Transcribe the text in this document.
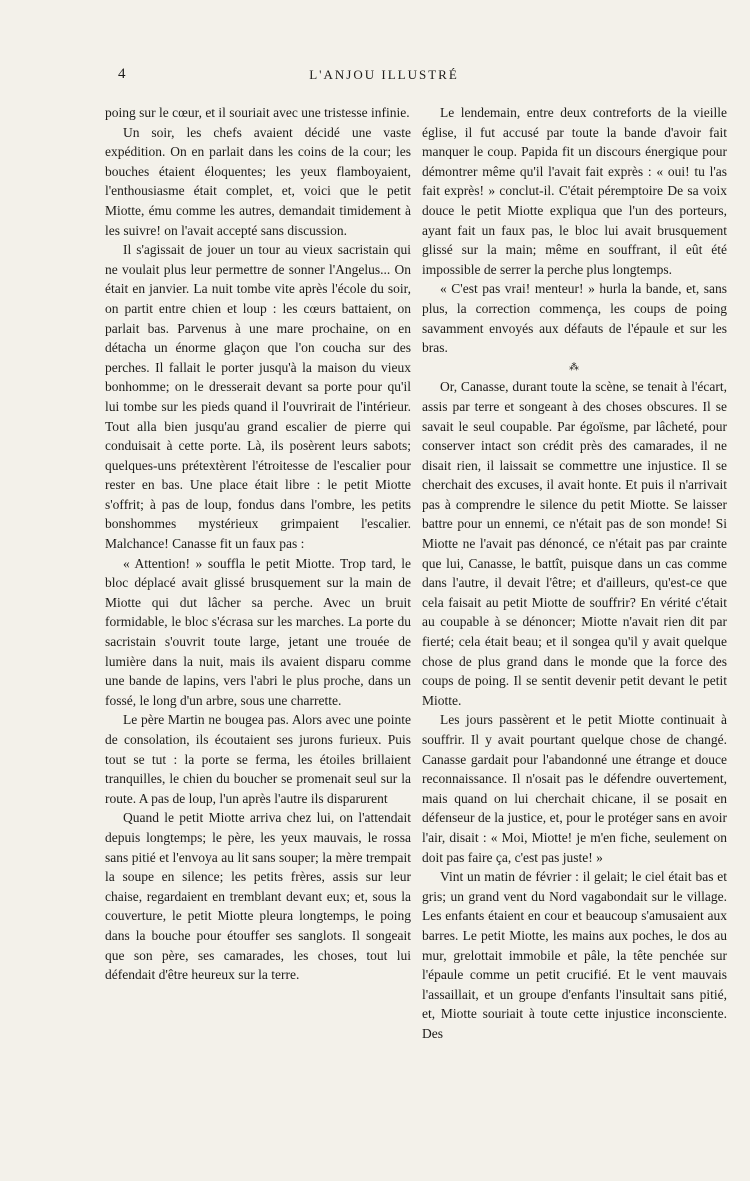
4	L'ANJOU ILLUSTRÉ

poing sur le cœur, et il souriait avec une tristesse infinie.

Un soir, les chefs avaient décidé une vaste expédition. On en parlait dans les coins de la cour; les bouches étaient éloquentes; les yeux flamboyaient, l'enthousiasme était complet, et, voici que le petit Miotte, ému comme les autres, demandait timidement à les suivre! on l'avait accepté sans discussion.

Il s'agissait de jouer un tour au vieux sacristain qui ne voulait plus leur permettre de sonner l'Angelus... On était en janvier. La nuit tombe vite après l'école du soir, on partit entre chien et loup : les cœurs battaient, on parlait bas. Parvenus à une mare prochaine, on en détacha un énorme glaçon que l'on coucha sur des perches. Il fallait le porter jusqu'à la maison du vieux bonhomme; on le dresserait devant sa porte pour qu'il lui tombe sur les pieds quand il l'ouvrirait de l'intérieur. Tout alla bien jusqu'au grand escalier de pierre qui conduisait à cette porte. Là, ils posèrent leurs sabots; quelques-uns prétextèrent l'étroitesse de l'escalier pour rester en bas. Une place était libre : le petit Miotte s'offrit; à pas de loup, fondus dans l'ombre, les petits bonshommes mystérieux grimpaient l'escalier. Malchance! Canasse fit un faux pas :

« Attention! » souffla le petit Miotte. Trop tard, le bloc déplacé avait glissé brusquement sur la main de Miotte qui dut lâcher sa perche. Avec un bruit formidable, le bloc s'écrasa sur les marches. La porte du sacristain s'ouvrit toute large, jetant une trouée de lumière dans la nuit, mais ils avaient disparu comme une bande de lapins, vers l'abri le plus proche, dans un fossé, le long d'un arbre, sous une charrette.

Le père Martin ne bougea pas. Alors avec une pointe de consolation, ils écoutaient ses jurons furieux. Puis tout se tut : la porte se ferma, les étoiles brillaient tranquilles, le chien du boucher se promenait seul sur la route. A pas de loup, l'un après l'autre ils disparurent

Quand le petit Miotte arriva chez lui, on l'attendait depuis longtemps; le père, les yeux mauvais, le rossa sans pitié et l'envoya au lit sans souper; la mère trempait la soupe en silence; les petits frères, assis sur leur chaise, regardaient en tremblant devant eux; et, sous la couverture, le petit Miotte pleura longtemps, le poing dans la bouche pour étouffer ses sanglots. Il songeait que son père, ses camarades, les choses, tout lui défendait d'être heureux sur la terre.

Le lendemain, entre deux contreforts de la vieille église, il fut accusé par toute la bande d'avoir fait manquer le coup. Papida fit un discours énergique pour démontrer même qu'il l'avait fait exprès : « oui! tu l'as fait exprès! » conclut-il. C'était péremptoire De sa voix douce le petit Miotte expliqua que l'un des porteurs, ayant fait un faux pas, le bloc lui avait brusquement glissé sur la main; même en souffrant, il eût été impossible de serrer la perche plus longtemps.

« C'est pas vrai! menteur! » hurla la bande, et, sans plus, la correction commença, les coups de poing savamment envoyés aux défauts de l'épaule et sur les bras.

⁂

Or, Canasse, durant toute la scène, se tenait à l'écart, assis par terre et songeant à des choses obscures. Il se savait le seul coupable. Par égoïsme, par lâcheté, pour conserver intact son crédit près des camarades, il ne disait rien, il laissait se commettre une injustice. Il se cherchait des excuses, il avait honte. Et puis il n'arrivait pas à comprendre le silence du petit Miotte. Se laisser battre pour un ennemi, ce n'était pas de son monde! Si Miotte ne l'avait pas dénoncé, ce n'était pas par crainte que lui, Canasse, le battît, puisque dans un cas comme dans l'autre, il devait l'être; et d'ailleurs, qu'est-ce que cela faisait au petit Miotte de souffrir? En vérité c'était au coupable à se dénoncer; Miotte n'avait rien dit par fierté; cela était beau; et il songea qu'il y avait quelque chose de plus grand dans le monde que la force des coups de poing. Il se sentit devenir petit devant le petit Miotte.

Les jours passèrent et le petit Miotte continuait à souffrir. Il y avait pourtant quelque chose de changé. Canasse gardait pour l'abandonné une étrange et douce reconnaissance. Il n'osait pas le défendre ouvertement, mais quand on lui cherchait chicane, il se posait en défenseur de la justice, et, pour le protéger sans en avoir l'air, disait : « Moi, Miotte! je m'en fiche, seulement on doit pas faire ça, c'est pas juste! »

Vint un matin de février : il gelait; le ciel était bas et gris; un grand vent du Nord vagabondait sur le village. Les enfants étaient en cour et beaucoup s'amusaient aux barres. Le petit Miotte, les mains aux poches, le dos au mur, grelottait immobile et pâle, la tête penchée sur l'épaule comme un petit crucifié. Et le vent mauvais l'assaillait, et un groupe d'enfants l'insultait sans pitié, et, Miotte souriait à toute cette injustice inconsciente. Des
